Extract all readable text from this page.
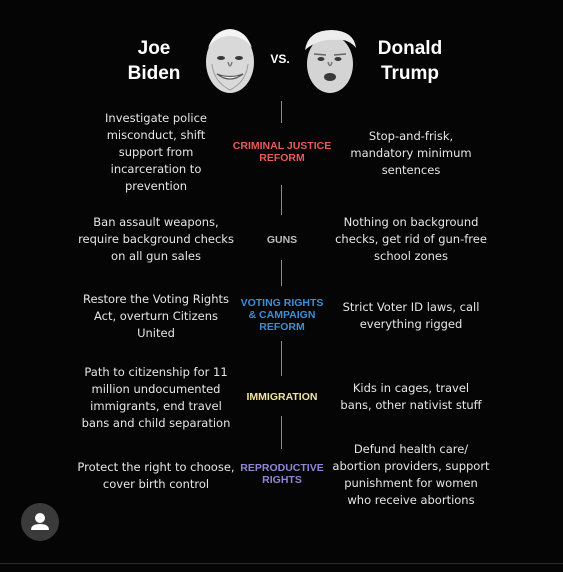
Joe
Biden
VS.	Donald
Trump
Investigate police
misconduct, shift
support from
incarceration to
prevention
CRIMINAL JUSTICE
REFORM
Stop-and-frisk,
mandatory minimum
sentences
Ban assault weapons,
require background checks
on all gun sales
GUNS
Nothing on background
checks, get rid of gun-free
school zones
Restore the Voting Rights
Act, overturn Citizens
United
VOTING RIGHTS
& CAMPAIGN
REFORM
Strict Voter ID laws, call
everything rigged
Path to citizenship for 11
million undocumented
immigrants, end travel
bans and child separation
IMMIGRATION
Kids in cages, travel
bans, other nativist stuff
Protect the right to choose,
cover birth control
REPRODUCTIVE
RIGHTS
Defund health care/
abortion providers, support
punishment for women
who receive abortions
